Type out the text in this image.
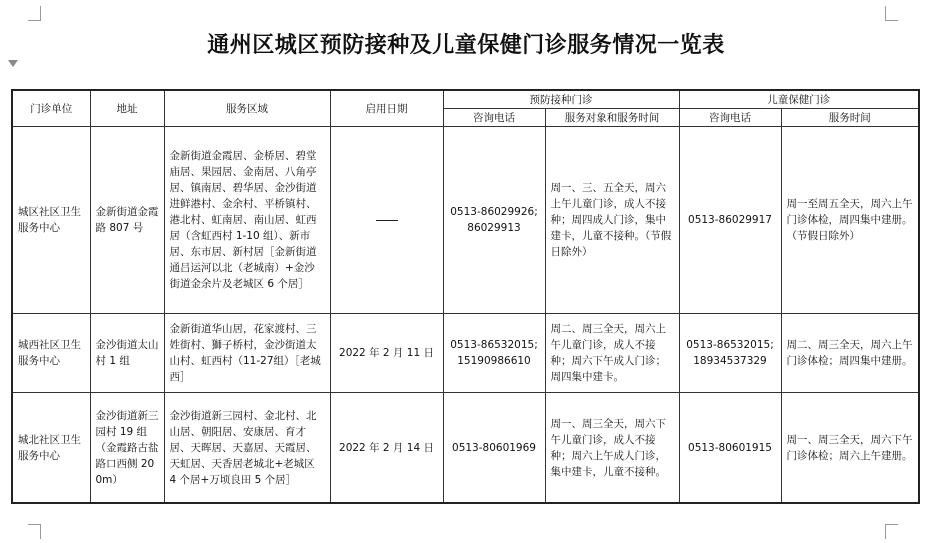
通州区城区预防接种及儿童保健门诊服务情况一览表
门诊单位	地址	服务区域	启用日期	预防接种门诊		儿童保健门诊	
				咨询电话	服务对象和服务时间	咨询电话	服务时间
城区社区卫生服务中心	金新街道金霞路 807 号	金新街道金霞居、金桥居、碧堂庙居、果园居、金南居、八角亭居、镇南居、碧华居、金沙街道进鲜港村、金余村、平桥镇村、港北村、虹南居、南山居、虹西居（含虹西村 1-10 组）、新市居、东市居、新村居［金新街道通吕运河以北（老城南）+金沙街道金余片及老城区 6 个居］		0513-86029926; 86029913	周一、三、五全天，周六上午儿童门诊，成人不接种；周四成人门诊，集中建卡，儿童不接种。（节假日除外）	0513-86029917	周一至周五全天，周六上午门诊体检，周四集中建册。（节假日除外）
城西社区卫生服务中心	金沙街道太山村 1 组	金新街道华山居，花家渡村、三姓街村、獅子桥村，金沙街道太山村、虹西村（11-27组）［老城西］	2022 年 2 月 11 日	0513-86532015; 15190986610	周二、周三全天，周六上午儿童门诊，成人不接种；周六下午成人门诊；周四集中建卡。	0513-86532015; 18934537329	周二、周三全天，周六上午门诊体检；周四集中建册。
城北社区卫生服务中心	金沙街道新三园村 19 组（金霞路古盐路口西侧 200m）	金沙街道新三园村、金北村、北山居、朝阳居、安康居、育才居、天晖居、天嘉居、天霞居、天虹居、天香居老城北+老城区 4 个居+万顷良田 5 个居］	2022 年 2 月 14 日	0513-80601969	周一、周三全天，周六下午儿童门诊，成人不接种；周六上午成人门诊，集中建卡，儿童不接种。	0513-80601915	周一、周三全天，周六下午门诊体检；周六上午建册。
